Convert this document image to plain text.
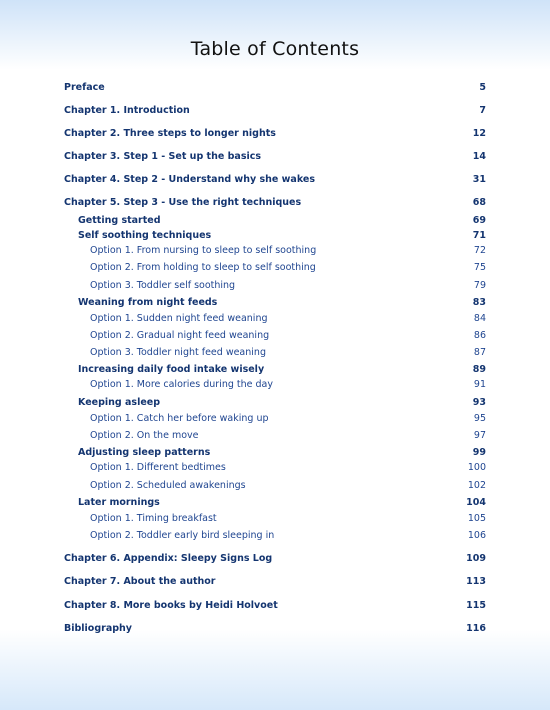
Table of Contents
Preface	5
Chapter 1. Introduction	7
Chapter 2. Three steps to longer nights	12
Chapter 3. Step 1 - Set up the basics	14
Chapter 4. Step 2 - Understand why she wakes	31
Chapter 5. Step 3 - Use the right techniques	68
Getting started	69
Self soothing techniques	71
Option 1. From nursing to sleep to self soothing	72
Option 2. From holding to sleep to self soothing	75
Option 3. Toddler self soothing	79
Weaning from night feeds	83
Option 1. Sudden night feed weaning	84
Option 2. Gradual night feed weaning	86
Option 3. Toddler night feed weaning	87
Increasing daily food intake wisely	89
Option 1. More calories during the day	91
Keeping asleep	93
Option 1. Catch her before waking up	95
Option 2. On the move	97
Adjusting sleep patterns	99
Option 1. Different bedtimes	100
Option 2. Scheduled awakenings	102
Later mornings	104
Option 1. Timing breakfast	105
Option 2. Toddler early bird sleeping in	106
Chapter 6. Appendix: Sleepy Signs Log	109
Chapter 7. About the author	113
Chapter 8. More books by Heidi Holvoet	115
Bibliography	116
